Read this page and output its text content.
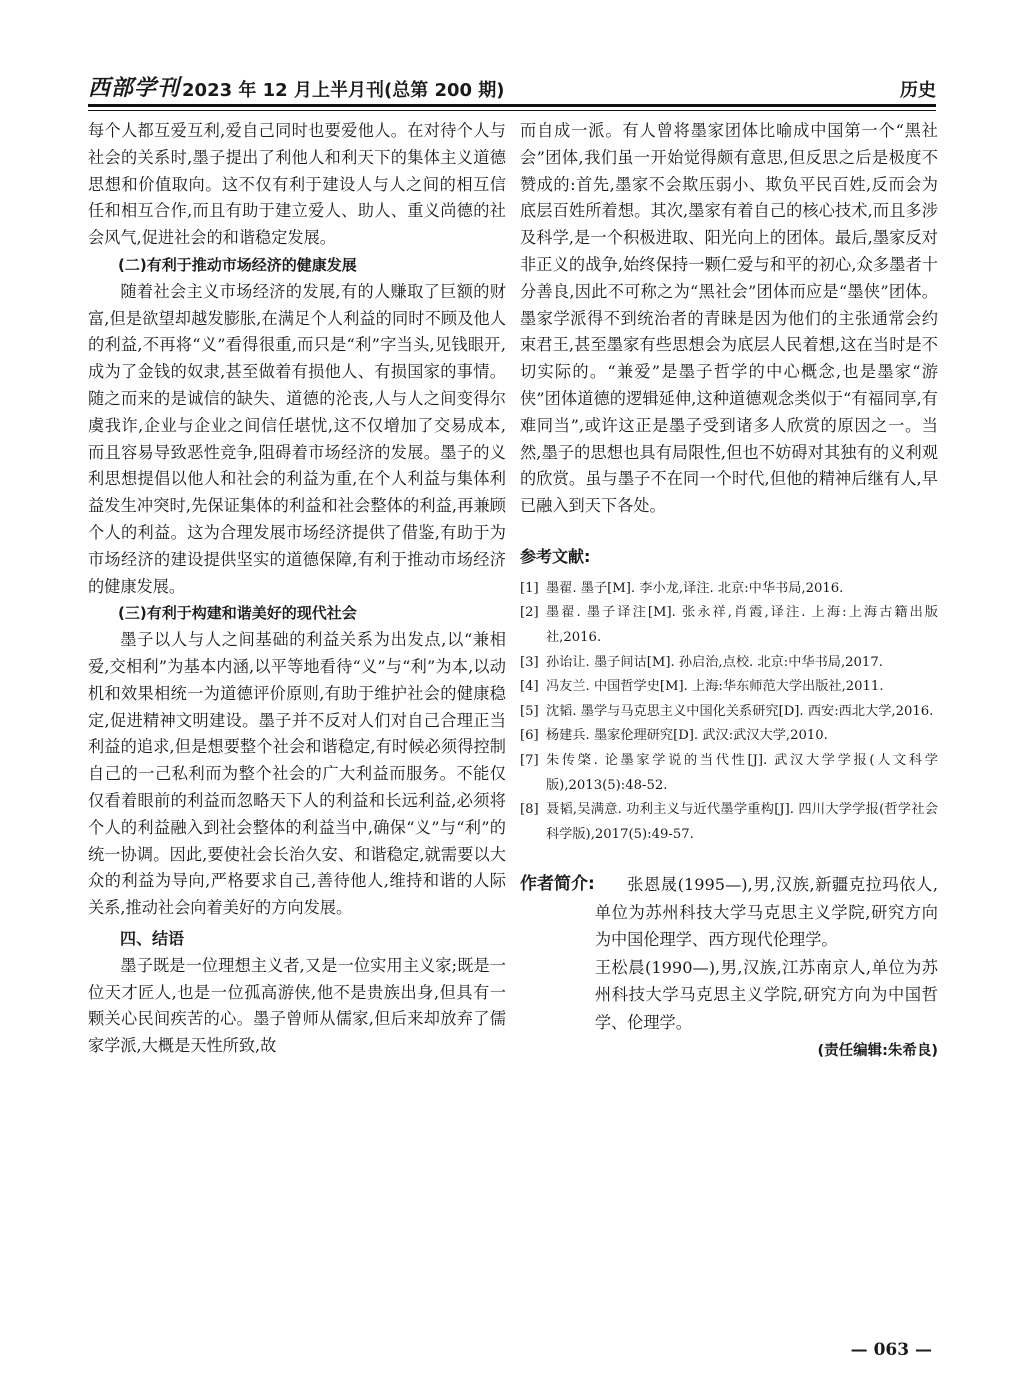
西部学刊 2023 年 12 月上半月刊(总第 200 期)	历史

每个人都互爱互利,爱自己同时也要爱他人。在对待个人与社会的关系时,墨子提出了利他人和利天下的集体主义道德思想和价值取向。这不仅有利于建设人与人之间的相互信任和相互合作,而且有助于建立爱人、助人、重义尚德的社会风气,促进社会的和谐稳定发展。

(二)有利于推动市场经济的健康发展

随着社会主义市场经济的发展,有的人赚取了巨额的财富,但是欲望却越发膨胀,在满足个人利益的同时不顾及他人的利益,不再将“义”看得很重,而只是“利”字当头,见钱眼开,成为了金钱的奴隶,甚至做着有损他人、有损国家的事情。随之而来的是诚信的缺失、道德的沦丧,人与人之间变得尔虞我诈,企业与企业之间信任堪忧,这不仅增加了交易成本,而且容易导致恶性竞争,阻碍着市场经济的发展。墨子的义利思想提倡以他人和社会的利益为重,在个人利益与集体利益发生冲突时,先保证集体的利益和社会整体的利益,再兼顾个人的利益。这为合理发展市场经济提供了借鉴,有助于为市场经济的建设提供坚实的道德保障,有利于推动市场经济的健康发展。

(三)有利于构建和谐美好的现代社会

墨子以人与人之间基础的利益关系为出发点,以“兼相爱,交相利”为基本内涵,以平等地看待“义”与“利”为本,以动机和效果相统一为道德评价原则,有助于维护社会的健康稳定,促进精神文明建设。墨子并不反对人们对自己合理正当利益的追求,但是想要整个社会和谐稳定,有时候必须得控制自己的一己私利而为整个社会的广大利益而服务。不能仅仅看着眼前的利益而忽略天下人的利益和长远利益,必须将个人的利益融入到社会整体的利益当中,确保“义”与“利”的统一协调。因此,要使社会长治久安、和谐稳定,就需要以大众的利益为导向,严格要求自己,善待他人,维持和谐的人际关系,推动社会向着美好的方向发展。

四、结语

墨子既是一位理想主义者,又是一位实用主义家;既是一位天才匠人,也是一位孤高游侠,他不是贵族出身,但具有一颗关心民间疾苦的心。墨子曾师从儒家,但后来却放弃了儒家学派,大概是天性所致,故

而自成一派。有人曾将墨家团体比喻成中国第一个“黑社会”团体,我们虽一开始觉得颇有意思,但反思之后是极度不赞成的:首先,墨家不会欺压弱小、欺负平民百姓,反而会为底层百姓所着想。其次,墨家有着自己的核心技术,而且多涉及科学,是一个积极进取、阳光向上的团体。最后,墨家反对非正义的战争,始终保持一颗仁爱与和平的初心,众多墨者十分善良,因此不可称之为“黑社会”团体而应是“墨侠”团体。墨家学派得不到统治者的青睐是因为他们的主张通常会约束君王,甚至墨家有些思想会为底层人民着想,这在当时是不切实际的。“兼爱”是墨子哲学的中心概念,也是墨家“游侠”团体道德的逻辑延伸,这种道德观念类似于“有福同享,有难同当”,或许这正是墨子受到诸多人欣赏的原因之一。当然,墨子的思想也具有局限性,但也不妨碍对其独有的义利观的欣赏。虽与墨子不在同一个时代,但他的精神后继有人,早已融入到天下各处。

参考文献:
[1] 墨翟. 墨子[M]. 李小龙,译注. 北京:中华书局,2016.
[2] 墨翟. 墨子译注[M]. 张永祥,肖霞,译注. 上海:上海古籍出版社,2016.
[3] 孙诒让. 墨子间诂[M]. 孙启治,点校. 北京:中华书局,2017.
[4] 冯友兰. 中国哲学史[M]. 上海:华东师范大学出版社,2011.
[5] 沈韬. 墨学与马克思主义中国化关系研究[D]. 西安:西北大学,2016.
[6] 杨建兵. 墨家伦理研究[D]. 武汉:武汉大学,2010.
[7] 朱传棨. 论墨家学说的当代性[J]. 武汉大学学报(人文科学版),2013(5):48-52.
[8] 聂韬,吴满意. 功利主义与近代墨学重构[J]. 四川大学学报(哲学社会科学版),2017(5):49-57.
作者简介:	张恩晟(1995—),男,汉族,新疆克拉玛依人,单位为苏州科技大学马克思主义学院,研究方向为中国伦理学、西方现代伦理学。

王松晨(1990—),男,汉族,江苏南京人,单位为苏州科技大学马克思主义学院,研究方向为中国哲学、伦理学。

(责任编辑:朱希良)
— 063 —
